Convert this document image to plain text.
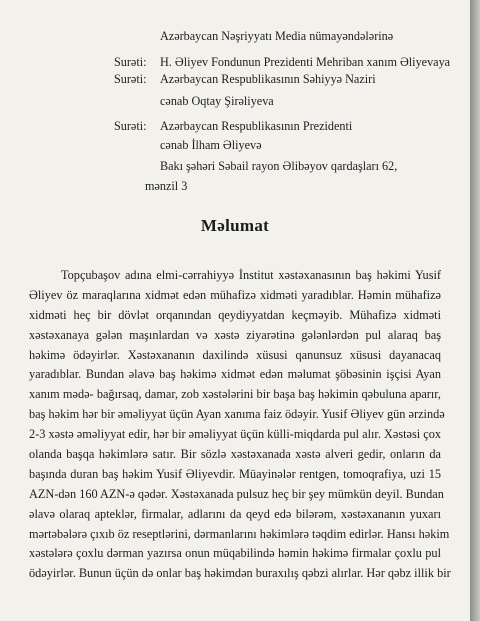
Azərbaycan Nəşriyyatı Media nümayəndələrinə
Surəti: H. Əliyev Fondunun Prezidenti Mehriban xanım Əliyevaya
Surəti: Azərbaycan Respublikasının Səhiyyə Naziri
cənab Oqtay Şirəliyeva
Surəti: Azərbaycan Respublikasının Prezidenti
cənab İlham Əliyevə
Bakı şəhəri Səbail rayon Əlibəyov qardaşları 62,
mənzil 3
Məlumat
Topçubaşov adına elmi-cərrahiyyə İnstitut xəstəxanasının baş həkimi Yusif
Əliyev öz maraqlarına xidmət edən mühafizə xidməti yaradıblar. Həmin mühafizə
xidməti heç bir dövlət orqanından qeydiyyatdan keçməyib. Mühafizə xidməti
xəstəxanaya gələn maşınlardan və xəstə ziyarətinə gələnlərdən pul alaraq baş
həkimə ödəyirlər. Xəstəxananın daxilində xüsusi qanunsuz xüsusi dayanacaq
yaradıblar. Bundan əlavə baş həkimə xidmət edən məlumat şöbəsinin işçisi Ayan
xanım mədə- bağırsaq, damar, zob xəstələrini bir başa baş həkimin qəbuluna aparır,
baş həkim hər bir əməliyyat üçün Ayan xanıma faiz ödəyir. Yusif Əliyev gün ərzində
2-3 xəstə əməliyyat edir, hər bir əməliyyat üçün külli-miqdarda pul alır. Xəstəsi çox
olanda başqa həkimlərə satır. Bir sözlə xəstəxanada xəstə alveri gedir, onların da
başında duran baş həkim Yusif Əliyevdir. Müayinələr rentgen, tomoqrafiya, uzi 15
AZN-dən 160 AZN-ə qədər. Xəstəxanada pulsuz heç bir şey mümkün deyil. Bundan
əlavə olaraq apteklər, firmalar, adlarını da qeyd edə bilərəm, xəstəxananın yuxarı
mərtəbələrə çıxıb öz reseptlərini, dərmanlarını həkimlərə təqdim edirlər. Hansı həkim
xəstələrə çoxlu dərman yazırsa onun müqabilində həmin həkimə firmalar çoxlu pul
ödəyirlər. Bunun üçün də onlar baş həkimdən buraxılış qəbzi alırlar. Hər qəbz illik bir
